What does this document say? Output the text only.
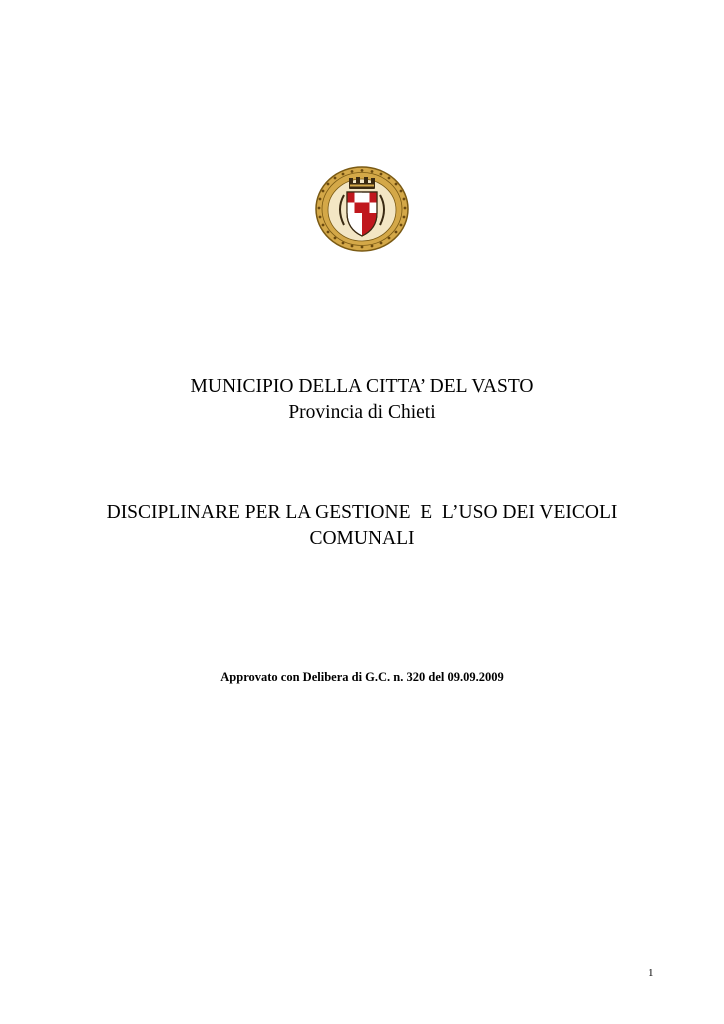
MUNICIPIO DELLA CITTA’ DEL VASTO
Provincia di Chieti
DISCIPLINARE PER LA GESTIONE  E  L’USO DEI VEICOLI
COMUNALI
Approvato con Delibera di G.C. n. 320 del 09.09.2009
1
